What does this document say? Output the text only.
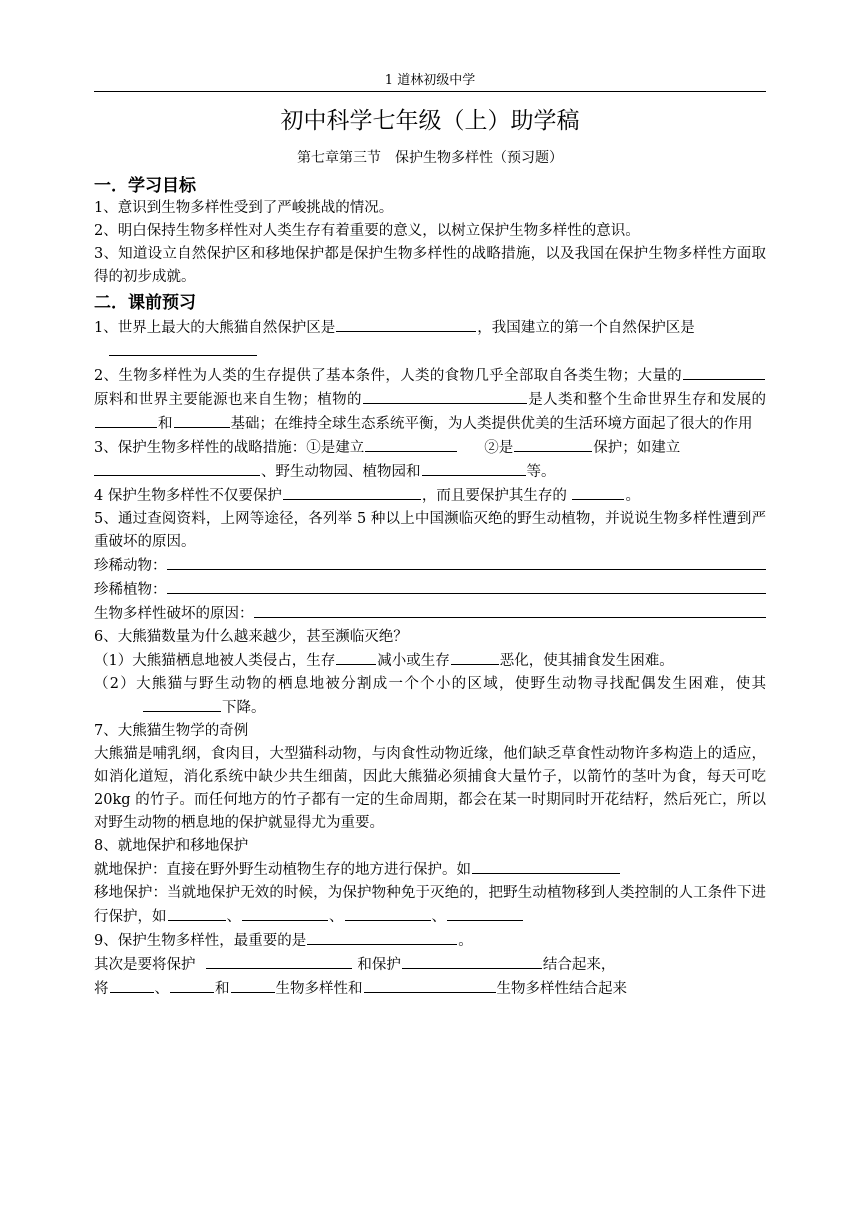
1 道林初级中学
初中科学七年级（上）助学稿
第七章第三节　保护生物多样性（预习题）

一．学习目标

1、意识到生物多样性受到了严峻挑战的情况。

2、明白保持生物多样性对人类生存有着重要的意义，以树立保护生物多样性的意识。

3、知道设立自然保护区和移地保护都是保护生物多样性的战略措施，以及我国在保护生物多样性方面取得的初步成就。

二．课前预习

1、世界上最大的大熊猫自然保护区是	，我国建立的第一个自然保护区是

2、生物多样性为人类的生存提供了基本条件，人类的食物几乎全部取自各类生物；大量的原料和世界主要能源也来自生物；植物的	是人类和整个生命世界生存和发展的和	基础；在维持全球生态系统平衡，为人类提供优美的生活环境方面起了很大的作用

3、保护生物多样性的战略措施：①是建立	②是	保护；如建立
、野生动物园、植物园和	等。

4 保护生物多样性不仅要保护	，而且要保护其生存的	。

5、通过查阅资料，上网等途径，各列举 5 种以上中国濒临灭绝的野生动植物，并说说生物多样性遭到严重破坏的原因。

珍稀动物：
珍稀植物：
生物多样性破坏的原因：

6、大熊猫数量为什么越来越少，甚至濒临灭绝？

（1）大熊猫栖息地被人类侵占，生存	减小或生存	恶化，使其捕食发生困难。

（2）大熊猫与野生动物的栖息地被分割成一个个小的区域，使野生动物寻找配偶发生困难，使其下降。

7、大熊猫生物学的奇例

大熊猫是哺乳纲，食肉目，大型猫科动物，与肉食性动物近缘，他们缺乏草食性动物许多构造上的适应，如消化道短，消化系统中缺少共生细菌，因此大熊猫必须捕食大量竹子，以箭竹的茎叶为食，每天可吃 20kg 的竹子。而任何地方的竹子都有一定的生命周期，都会在某一时期同时开花结籽，然后死亡，所以对野生动物的栖息地的保护就显得尤为重要。

8、就地保护和移地保护

就地保护：直接在野外野生动植物生存的地方进行保护。如

移地保护：当就地保护无效的时候，为保护物种免于灭绝的，把野生动植物移到人类控制的人工条件下进行保护，如	、	、	、

9、保护生物多样性，最重要的是	。

其次是要将保护	和保护	结合起来，

将	、	和	生物多样性和	生物多样性结合起来
